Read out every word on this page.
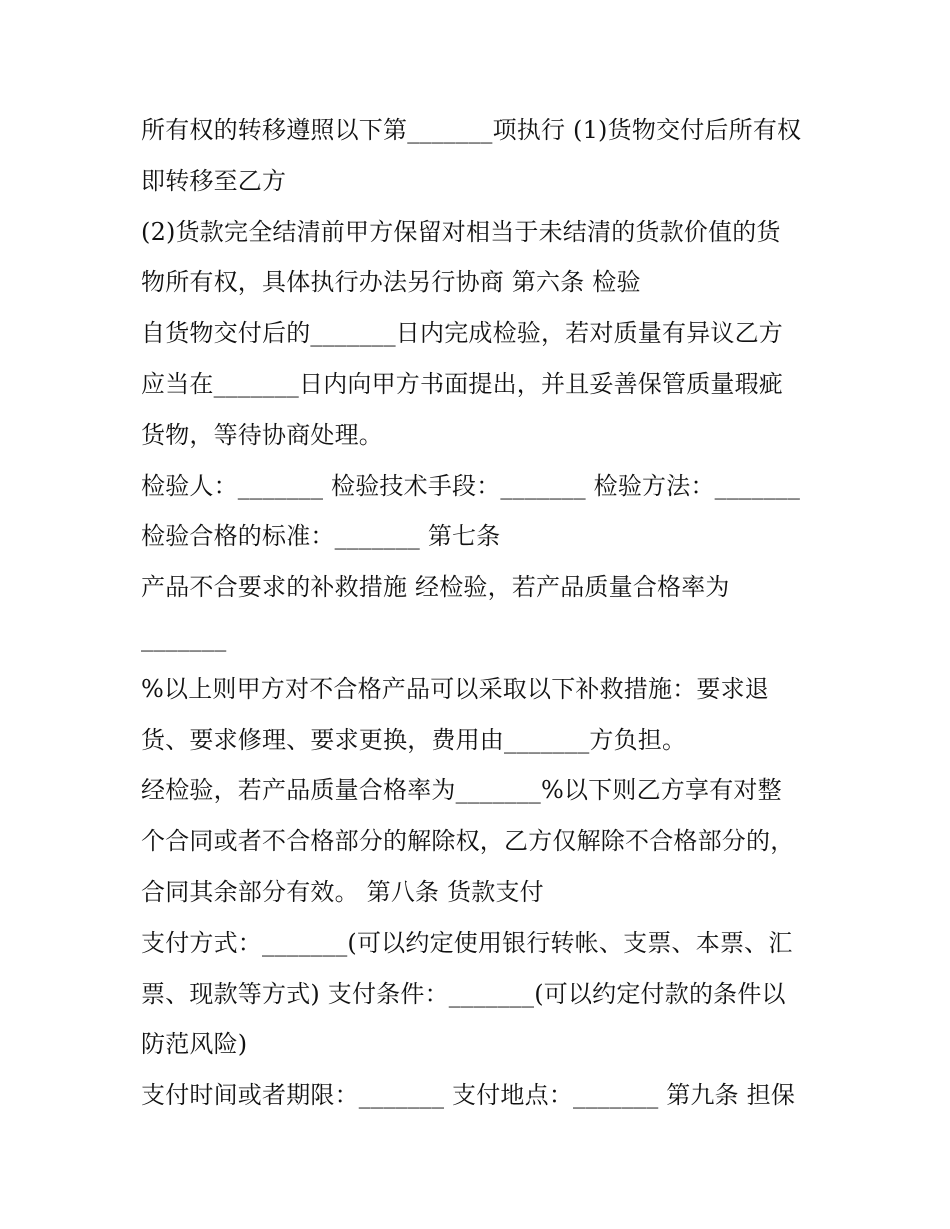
所有权的转移遵照以下第_______项执行 (1)货物交付后所有权
即转移至乙方
(2)货款完全结清前甲方保留对相当于未结清的货款价值的货
物所有权，具体执行办法另行协商 第六条 检验
自货物交付后的_______日内完成检验，若对质量有异议乙方
应当在_______日内向甲方书面提出，并且妥善保管质量瑕疵
货物，等待协商处理。
检验人：_______ 检验技术手段：_______ 检验方法：_______
检验合格的标准：_______ 第七条
产品不合要求的补救措施 经检验，若产品质量合格率为
_______
%以上则甲方对不合格产品可以采取以下补救措施：要求退
货、要求修理、要求更换，费用由_______方负担。
经检验，若产品质量合格率为_______%以下则乙方享有对整
个合同或者不合格部分的解除权，乙方仅解除不合格部分的，
合同其余部分有效。 第八条 货款支付
支付方式：_______(可以约定使用银行转帐、支票、本票、汇
票、现款等方式) 支付条件：_______(可以约定付款的条件以
防范风险)
支付时间或者期限：_______ 支付地点：_______ 第九条 担保
